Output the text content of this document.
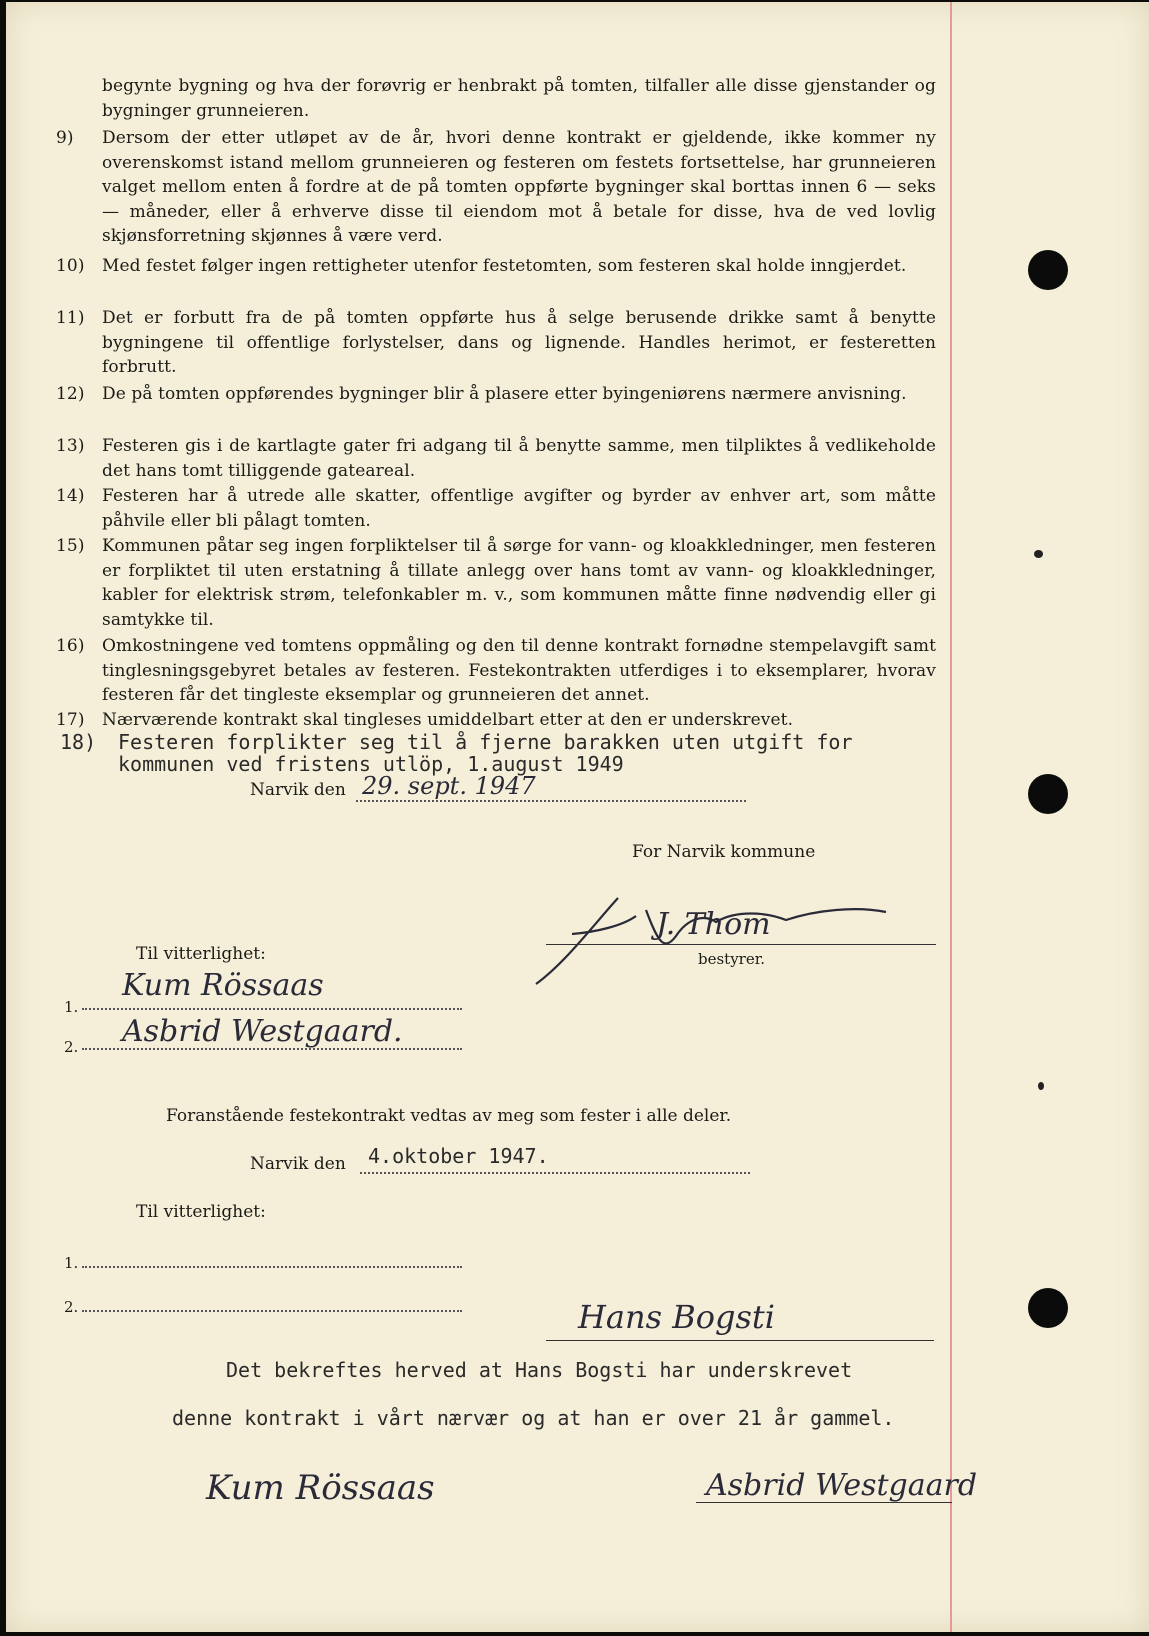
begynte bygning og hva der forøvrig er henbrakt på tomten, tilfaller alle disse gjenstander og bygninger grunneieren.
9)	Dersom der etter utløpet av de år, hvori denne kontrakt er gjeldende, ikke kommer ny overenskomst istand mellom grunneieren og festeren om festets fortsettelse, har grunneieren valget mellom enten å fordre at de på tomten oppførte bygninger skal borttas innen 6 — seks — måneder, eller å erhverve disse til eiendom mot å betale for disse, hva de ved lovlig skjønsforretning skjønnes å være verd.
10)	Med festet følger ingen rettigheter utenfor festetomten, som festeren skal holde inngjerdet.
11)	Det er forbutt fra de på tomten oppførte hus å selge berusende drikke samt å benytte bygningene til offentlige forlystelser, dans og lignende. Handles herimot, er festeretten forbrutt.
12)	De på tomten oppførendes bygninger blir å plasere etter byingeniørens nærmere anvisning.
13)	Festeren gis i de kartlagte gater fri adgang til å benytte samme, men tilpliktes å vedlikeholde det hans tomt tilliggende gateareal.
14)	Festeren har å utrede alle skatter, offentlige avgifter og byrder av enhver art, som måtte påhvile eller bli pålagt tomten.
15)	Kommunen påtar seg ingen forpliktelser til å sørge for vann- og kloakkledninger, men festeren er forpliktet til uten erstatning å tillate anlegg over hans tomt av vann- og kloakkledninger, kabler for elektrisk strøm, telefonkabler m. v., som kommunen måtte finne nødvendig eller gi samtykke til.
16)	Omkostningene ved tomtens oppmåling og den til denne kontrakt fornødne stempelavgift samt tinglesningsgebyret betales av festeren. Festekontrakten utferdiges i to eksemplarer, hvorav festeren får det tingleste eksemplar og grunneieren det annet.
17)	Nærværende kontrakt skal tingleses umiddelbart etter at den er underskrevet.
18) Festeren forplikter seg til å fjerne barakken uten utgift for
kommunen ved fristens utlöp, 1.august 1949
Narvik den 29. sept. 1947
For Narvik kommune
J. Thom
bestyrer.
Til vitterlighet:
1.
Kum Rössaas
2. Asbrid Westgaard.
Foranstående festekontrakt vedtas av meg som fester i alle deler.
Narvik den 4.oktober 1947.
Til vitterlighet:
1.
2.	Hans Bogsti
Det bekreftes herved at Hans Bogsti har underskrevet
denne kontrakt i vårt nærvær og at han er over 21 år gammel.
Kum Rössaas	Asbrid Westgaard
